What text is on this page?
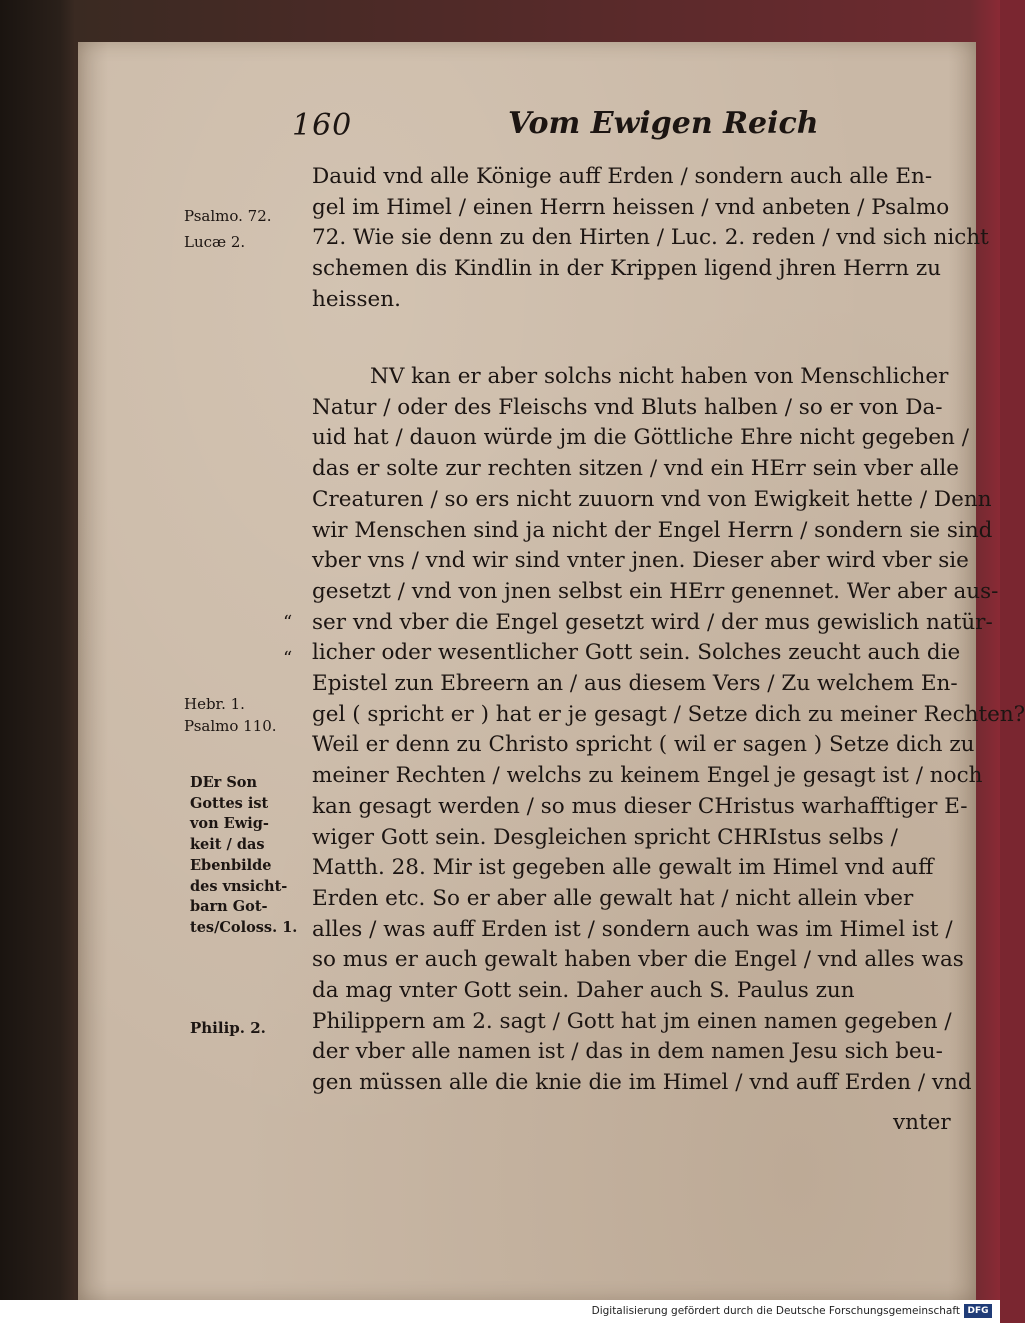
160	Vom Ewigen Reich
Psalmo. 72.
Lucæ 2.
Hebr. 1.
Psalmo 110.
DEr Son
Gottes ist
von Ewig-
keit / das
Ebenbilde
des vnsicht-
barn Got-
tes/Coloss. 1.
Philip. 2.
“
“
Dauid vnd alle Könige auff Erden / sondern auch alle En-
gel im Himel / einen Herrn heissen / vnd anbeten / Psalmo
72. Wie sie denn zu den Hirten / Luc. 2. reden / vnd sich nicht
schemen dis Kindlin in der Krippen ligend jhren Herrn zu
heissen.
NV kan er aber solchs nicht haben von Menschlicher
Natur / oder des Fleischs vnd Bluts halben / so er von Da-
uid hat / dauon würde jm die Göttliche Ehre nicht gegeben /
das er solte zur rechten sitzen / vnd ein HErr sein vber alle
Creaturen / so ers nicht zuuorn vnd von Ewigkeit hette / Denn
wir Menschen sind ja nicht der Engel Herrn / sondern sie sind
vber vns / vnd wir sind vnter jnen. Dieser aber wird vber sie
gesetzt / vnd von jnen selbst ein HErr genennet. Wer aber aus-
ser vnd vber die Engel gesetzt wird / der mus gewislich natür-
licher oder wesentlicher Gott sein. Solches zeucht auch die
Epistel zun Ebreern an / aus diesem Vers / Zu welchem En-
gel ( spricht er ) hat er je gesagt / Setze dich zu meiner Rechten?
Weil er denn zu Christo spricht ( wil er sagen ) Setze dich zu
meiner Rechten / welchs zu keinem Engel je gesagt ist / noch
kan gesagt werden / so mus dieser CHristus warhafftiger E-
wiger Gott sein. Desgleichen spricht CHRIstus selbs /
Matth. 28. Mir ist gegeben alle gewalt im Himel vnd auff
Erden etc. So er aber alle gewalt hat / nicht allein vber
alles / was auff Erden ist / sondern auch was im Himel ist /
so mus er auch gewalt haben vber die Engel / vnd alles was
da mag vnter Gott sein. Daher auch S. Paulus zun
Philippern am 2. sagt / Gott hat jm einen namen gegeben /
der vber alle namen ist / das in dem namen Jesu sich beu-
gen müssen alle die knie die im Himel / vnd auff Erden / vnd
vnter
Digitalisierung gefördert durch die Deutsche Forschungsgemeinschaft DFG
